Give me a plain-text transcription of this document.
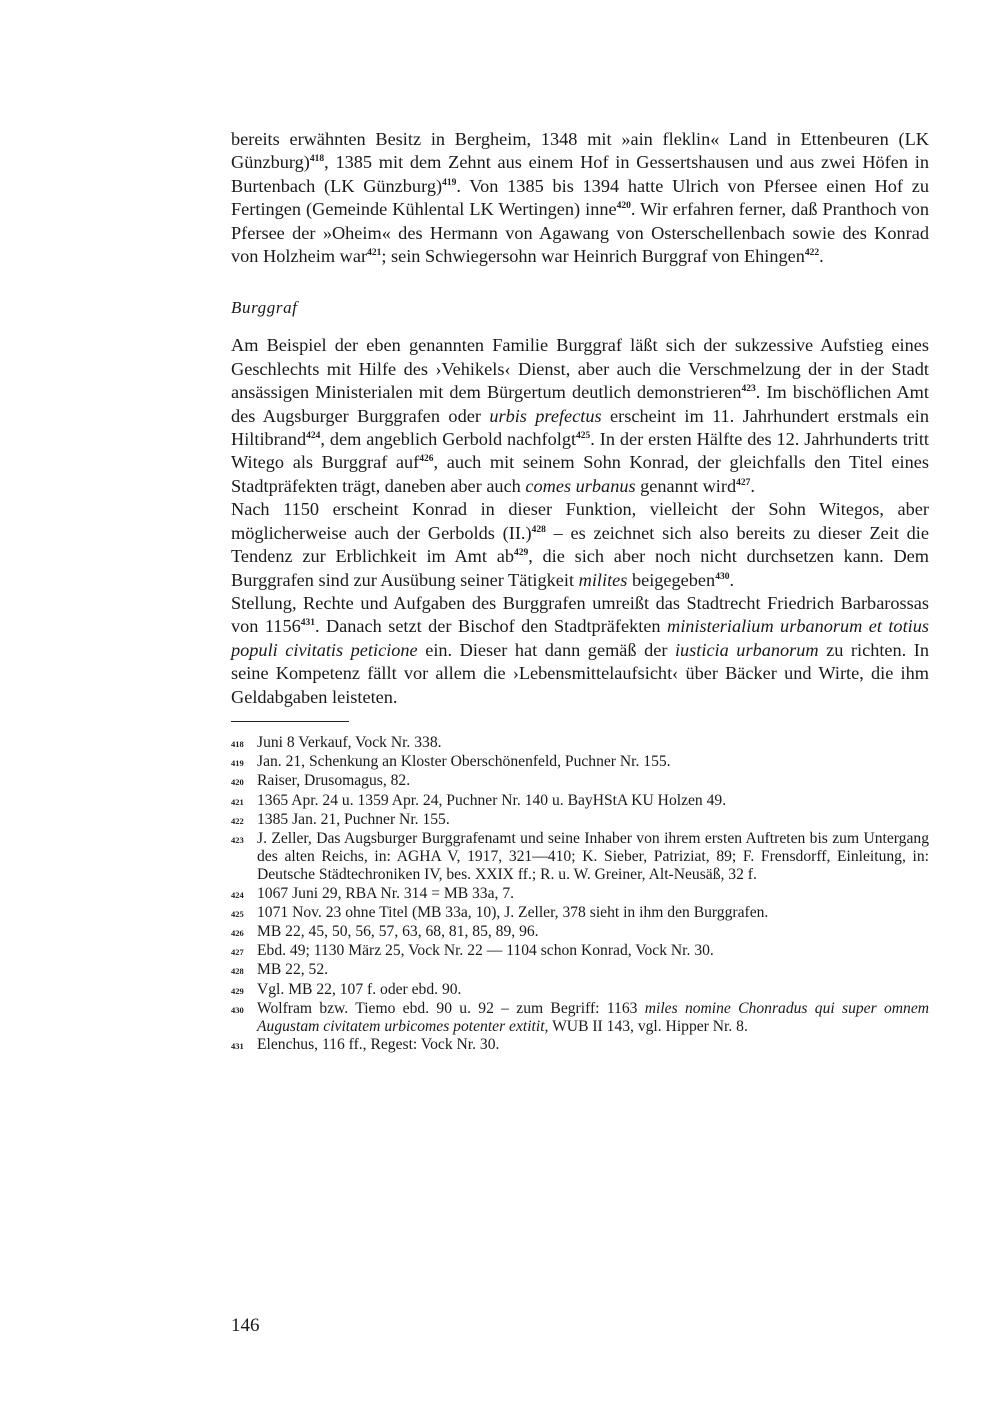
bereits erwähnten Besitz in Bergheim, 1348 mit »ain fleklin« Land in Ettenbeuren (LK Günzburg)$^{418}$, 1385 mit dem Zehnt aus einem Hof in Gessertshausen und aus zwei Höfen in Burtenbach (LK Günzburg)$^{419}$. Von 1385 bis 1394 hatte Ulrich von Pfersee einen Hof zu Fertingen (Gemeinde Kühlental LK Wertingen) inne$^{420}$. Wir erfahren ferner, daß Pranthoch von Pfersee der »Oheim« des Hermann von Agawang von Osterschellenbach sowie des Konrad von Holzheim war$^{421}$; sein Schwiegersohn war Heinrich Burggraf von Ehingen$^{422}$.

Burggraf

Am Beispiel der eben genannten Familie Burggraf läßt sich der sukzessive Aufstieg eines Geschlechts mit Hilfe des ›Vehikels‹ Dienst, aber auch die Verschmelzung der in der Stadt ansässigen Ministerialen mit dem Bürgertum deutlich demonstrieren$^{423}$. Im bischöflichen Amt des Augsburger Burggrafen oder urbis prefectus erscheint im 11. Jahrhundert erstmals ein Hiltibrand$^{424}$, dem angeblich Gerbold nachfolgt$^{425}$. In der ersten Hälfte des 12. Jahrhunderts tritt Witego als Burggraf auf$^{426}$, auch mit seinem Sohn Konrad, der gleichfalls den Titel eines Stadtpräfekten trägt, daneben aber auch comes urbanus genannt wird$^{427}$.
Nach 1150 erscheint Konrad in dieser Funktion, vielleicht der Sohn Witegos, aber möglicherweise auch der Gerbolds $(II.)^{428}$ – es zeichnet sich also bereits zu dieser Zeit die Tendenz zur Erblichkeit im Amt $ab^{429}$, die sich aber noch nicht durchsetzen kann. Dem Burggrafen sind zur Ausübung seiner Tätigkeit milites beigegeben$^{430}$.
Stellung, Rechte und Aufgaben des Burggrafen umreißt das Stadtrecht Friedrich Barbarossas von 1156$^{431}$. Danach setzt der Bischof den Stadtpräfekten ministerialium urbanorum et totius populi civitatis peticione ein. Dieser hat dann gemäß der iusticia urbanorum zu richten. In seine Kompetenz fällt vor allem die ›Lebensmittelaufsicht‹ über Bäcker und Wirte, die ihm Geldabgaben leisteten.

418 Juni 8 Verkauf, Vock Nr. 338.
419 Jan. 21, Schenkung an Kloster Oberschönenfeld, Puchner Nr. 155.
420 Raiser, Drusomagus, 82.
421 1365 Apr. 24 u. 1359 Apr. 24, Puchner Nr. 140 u. BayHStA KU Holzen 49.
422 1385 Jan. 21, Puchner Nr. 155.
423 J. Zeller, Das Augsburger Burggrafenamt und seine Inhaber von ihrem ersten Auftreten bis zum Untergang des alten Reichs, in: AGHA V, 1917, 321—410; K. Sieber, Patriziat, 89; F. Frensdorff, Einleitung, in: Deutsche Städtechroniken IV, bes. XXIX ff.; R. u. W. Greiner, Alt-Neusäß, 32 f.
424 1067 Juni 29, RBA Nr. 314 = MB 33a, 7.
425 1071 Nov. 23 ohne Titel (MB 33a, 10), J. Zeller, 378 sieht in ihm den Burggrafen.
426 MB 22, 45, 50, 56, 57, 63, 68, 81, 85, 89, 96.
427 Ebd. 49; 1130 März 25, Vock Nr. 22 — 1104 schon Konrad, Vock Nr. 30.
428 MB 22, 52.
429 Vgl. MB 22, 107 f. oder ebd. 90.
430 Wolfram bzw. Tiemo ebd. 90 u. 92 – zum Begriff: 1163 miles nomine Chonradus qui super omnem Augustam civitatem urbicomes potenter extitit, WUB II 143, vgl. Hipper Nr. 8.
431 Elenchus, 116 ff., Regest: Vock Nr. 30.
146
